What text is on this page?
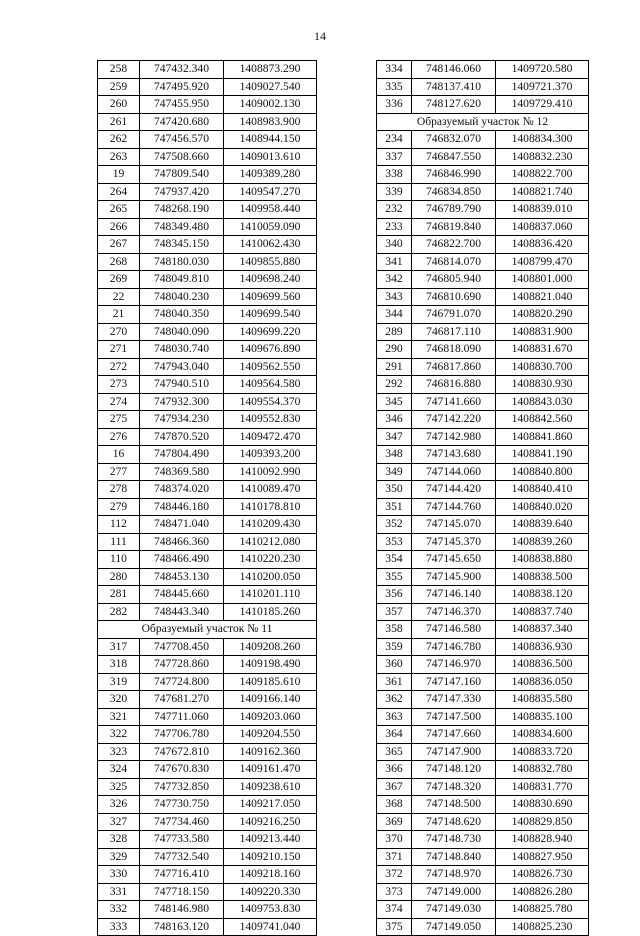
14
258	747432.340	1408873.290
259	747495.920	1409027.540
260	747455.950	1409002.130
261	747420.680	1408983.900
262	747456.570	1408944.150
263	747508.660	1409013.610
19	747809.540	1409389.280
264	747937.420	1409547.270
265	748268.190	1409958.440
266	748349.480	1410059.090
267	748345.150	1410062.430
268	748180.030	1409855.880
269	748049.810	1409698.240
22	748040.230	1409699.560
21	748040.350	1409699.540
270	748040.090	1409699.220
271	748030.740	1409676.890
272	747943.040	1409562.550
273	747940.510	1409564.580
274	747932.300	1409554.370
275	747934.230	1409552.830
276	747870.520	1409472.470
16	747804.490	1409393.200
277	748369.580	1410092.990
278	748374.020	1410089.470
279	748446.180	1410178.810
112	748471.040	1410209.430
111	748466.360	1410212.080
110	748466.490	1410220.230
280	748453.130	1410200.050
281	748445.660	1410201.110
282	748443.340	1410185.260
Образуемый участок № 11		
317	747708.450	1409208.260
318	747728.860	1409198.490
319	747724.800	1409185.610
320	747681.270	1409166.140
321	747711.060	1409203.060
322	747706.780	1409204.550
323	747672.810	1409162.360
324	747670.830	1409161.470
325	747732.850	1409238.610
326	747730.750	1409217.050
327	747734.460	1409216.250
328	747733.580	1409213.440
329	747732.540	1409210.150
330	747716.410	1409218.160
331	747718.150	1409220.330
332	748146.980	1409753.830
333	748163.120	1409741.040
334	748146.060	1409720.580
335	748137.410	1409721.370
336	748127.620	1409729.410
Образуемый участок № 12		
234	746832.070	1408834.300
337	746847.550	1408832.230
338	746846.990	1408822.700
339	746834.850	1408821.740
232	746789.790	1408839.010
233	746819.840	1408837.060
340	746822.700	1408836.420
341	746814.070	1408799.470
342	746805.940	1408801.000
343	746810.690	1408821.040
344	746791.070	1408820.290
289	746817.110	1408831.900
290	746818.090	1408831.670
291	746817.860	1408830.700
292	746816.880	1408830.930
345	747141.660	1408843.030
346	747142.220	1408842.560
347	747142.980	1408841.860
348	747143.680	1408841.190
349	747144.060	1408840.800
350	747144.420	1408840.410
351	747144.760	1408840.020
352	747145.070	1408839.640
353	747145.370	1408839.260
354	747145.650	1408838.880
355	747145.900	1408838.500
356	747146.140	1408838.120
357	747146.370	1408837.740
358	747146.580	1408837.340
359	747146.780	1408836.930
360	747146.970	1408836.500
361	747147.160	1408836.050
362	747147.330	1408835.580
363	747147.500	1408835.100
364	747147.660	1408834.600
365	747147.900	1408833.720
366	747148.120	1408832.780
367	747148.320	1408831.770
368	747148.500	1408830.690
369	747148.620	1408829.850
370	747148.730	1408828.940
371	747148.840	1408827.950
372	747148.970	1408826.730
373	747149.000	1408826.280
374	747149.030	1408825.780
375	747149.050	1408825.230
